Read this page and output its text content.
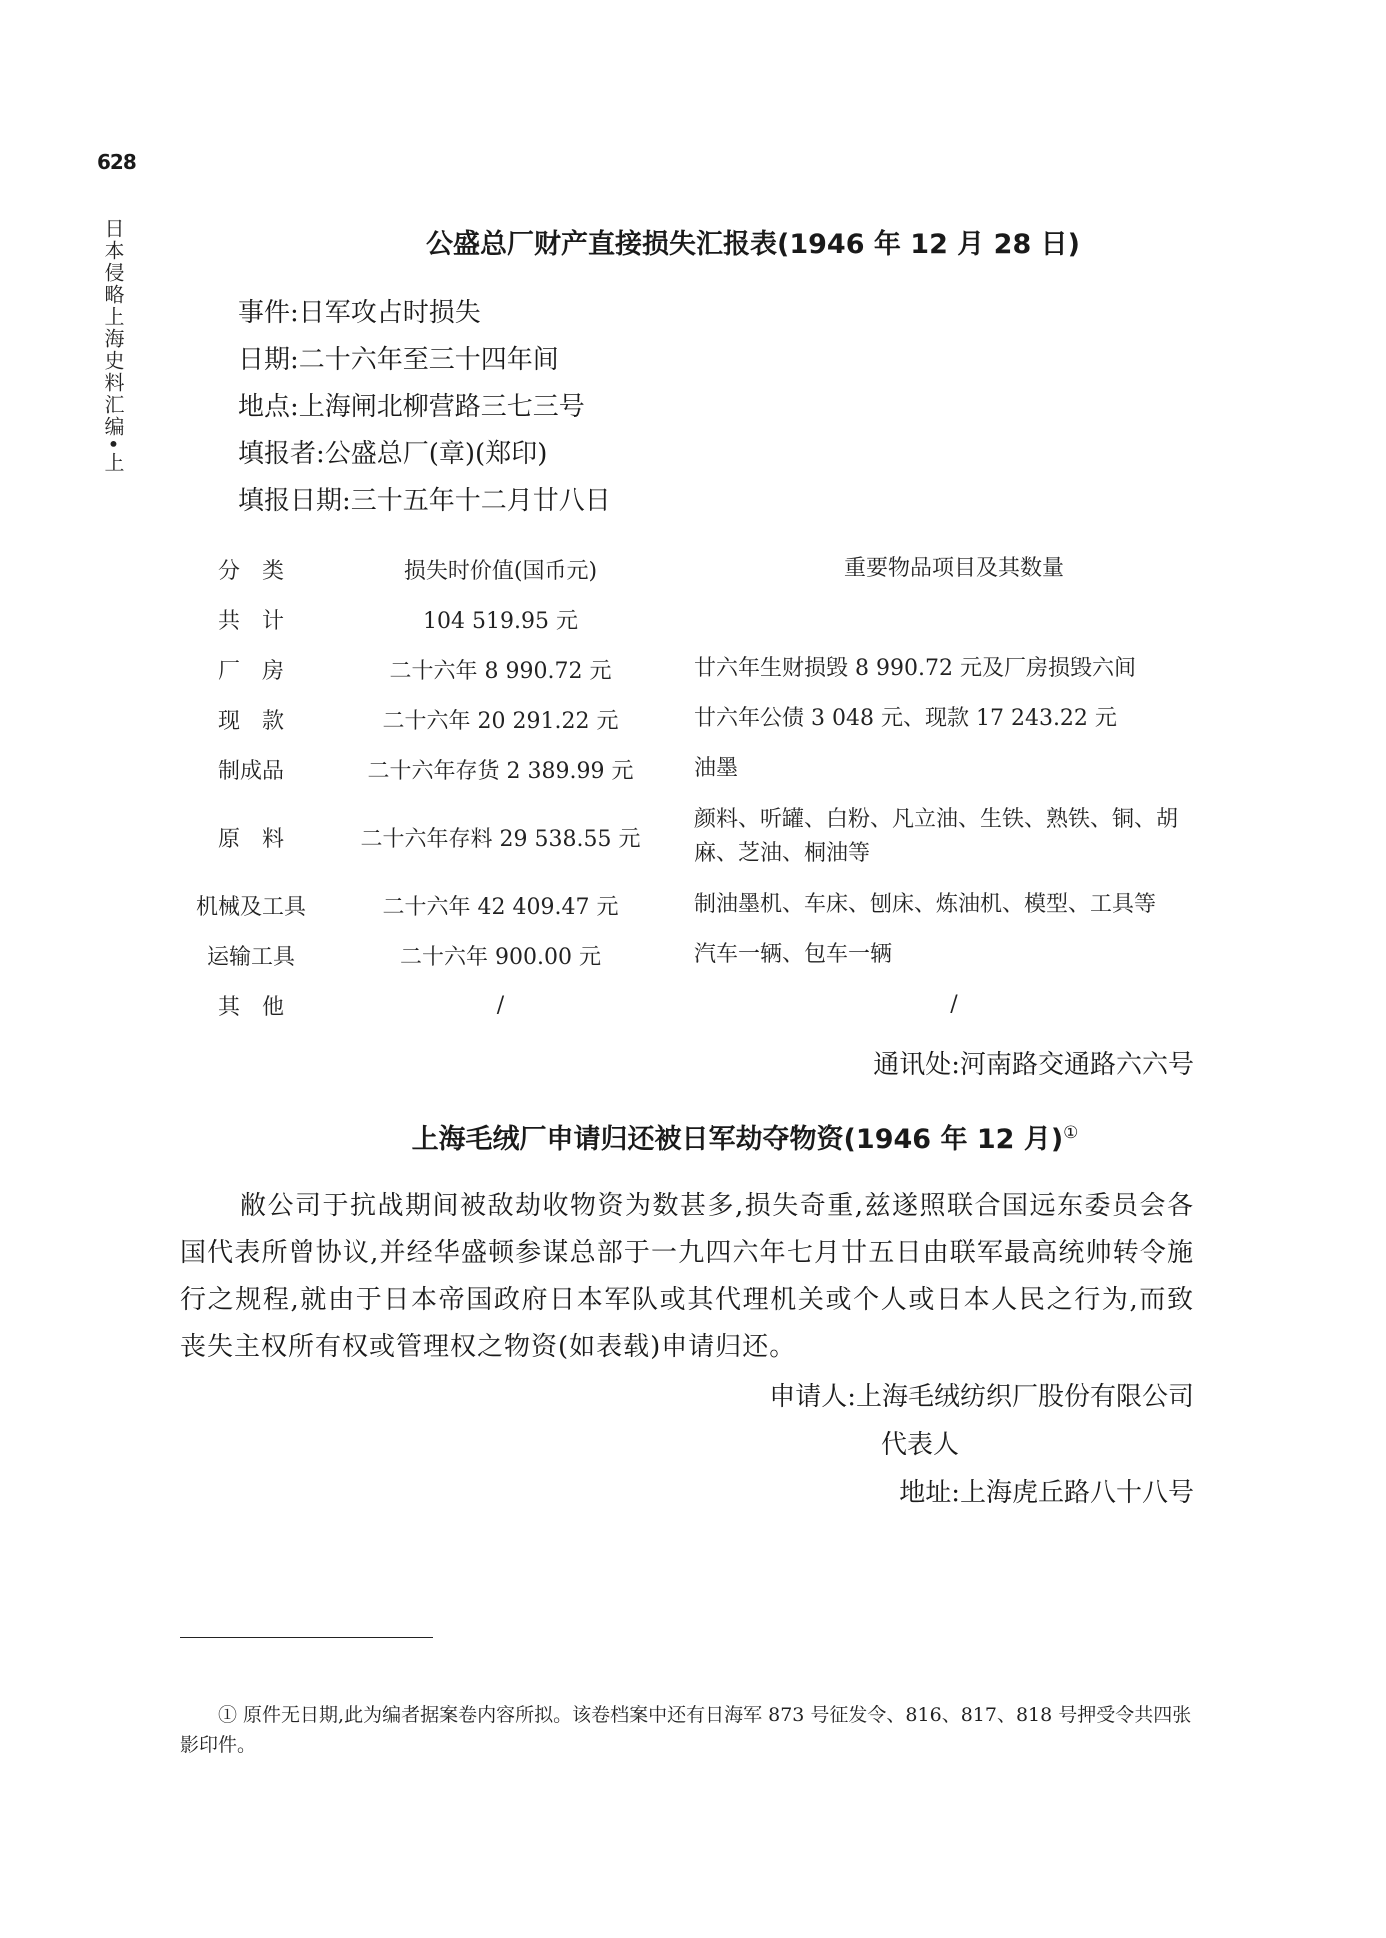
628
日本侵略上海史料汇编•上	公盛总厂财产直接损失汇报表(1946 年 12 月 28 日)
事件:日军攻占时损失
日期:二十六年至三十四年间
地点:上海闸北柳营路三七三号
填报者:公盛总厂(章)(郑印)
填报日期:三十五年十二月廿八日
分类	损失时价值(国币元)	重要物品项目及其数量
共计	104 519.95 元	
厂房	二十六年 8 990.72 元	廿六年生财损毁 8 990.72 元及厂房损毁六间
现款	二十六年 20 291.22 元	廿六年公债 3 048 元、现款 17 243.22 元
制成品	二十六年存货 2 389.99 元	油墨
原料	二十六年存料 29 538.55 元	颜料、听罐、白粉、凡立油、生铁、熟铁、铜、胡麻、芝油、桐油等
机械及工具	二十六年 42 409.47 元	制油墨机、车床、刨床、炼油机、模型、工具等
运输工具	二十六年 900.00 元	汽车一辆、包车一辆
其他	/	/
通讯处:河南路交通路六六号
上海毛绒厂申请归还被日军劫夺物资(1946 年 12 月)①
敝公司于抗战期间被敌劫收物资为数甚多,损失奇重,兹遂照联合国远东委员会各国代表所曾协议,并经华盛顿参谋总部于一九四六年七月廿五日由联军最高统帅转令施行之规程,就由于日本帝国政府日本军队或其代理机关或个人或日本人民之行为,而致丧失主权所有权或管理权之物资(如表载)申请归还。
申请人:上海毛绒纺织厂股份有限公司
代表人
地址:上海虎丘路八十八号
① 原件无日期,此为编者据案卷内容所拟。该卷档案中还有日海军 873 号征发令、816、817、818 号押受令共四张影印件。
